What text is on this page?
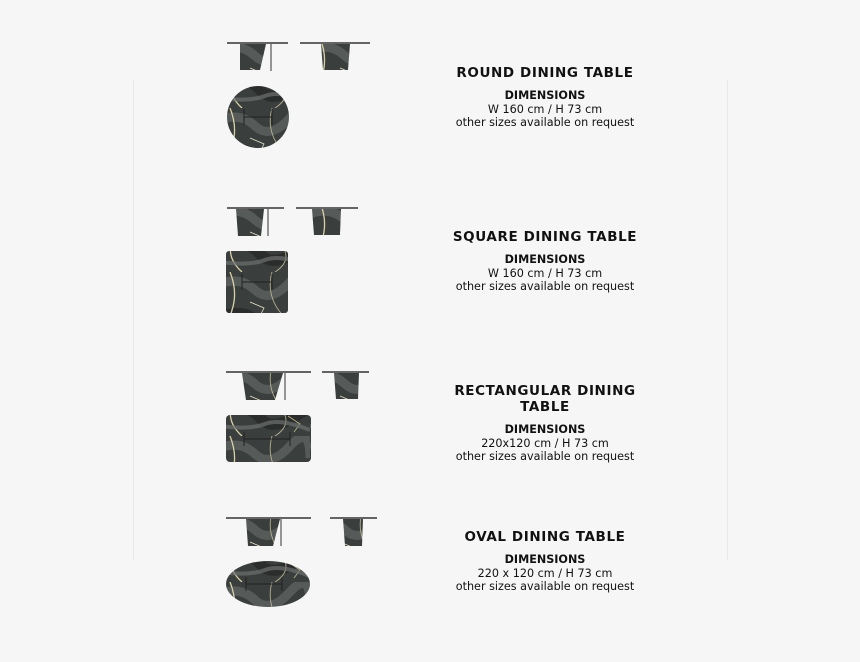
ROUND DINING TABLE
DIMENSIONS
W 160 cm / H 73 cm
other sizes available on request
SQUARE DINING TABLE
DIMENSIONS
W 160 cm / H 73 cm
other sizes available on request
RECTANGULAR DINING TABLE
DIMENSIONS
220x120 cm / H 73 cm
other sizes available on request
OVAL DINING TABLE
DIMENSIONS
220 x 120 cm / H 73 cm
other sizes available on request
